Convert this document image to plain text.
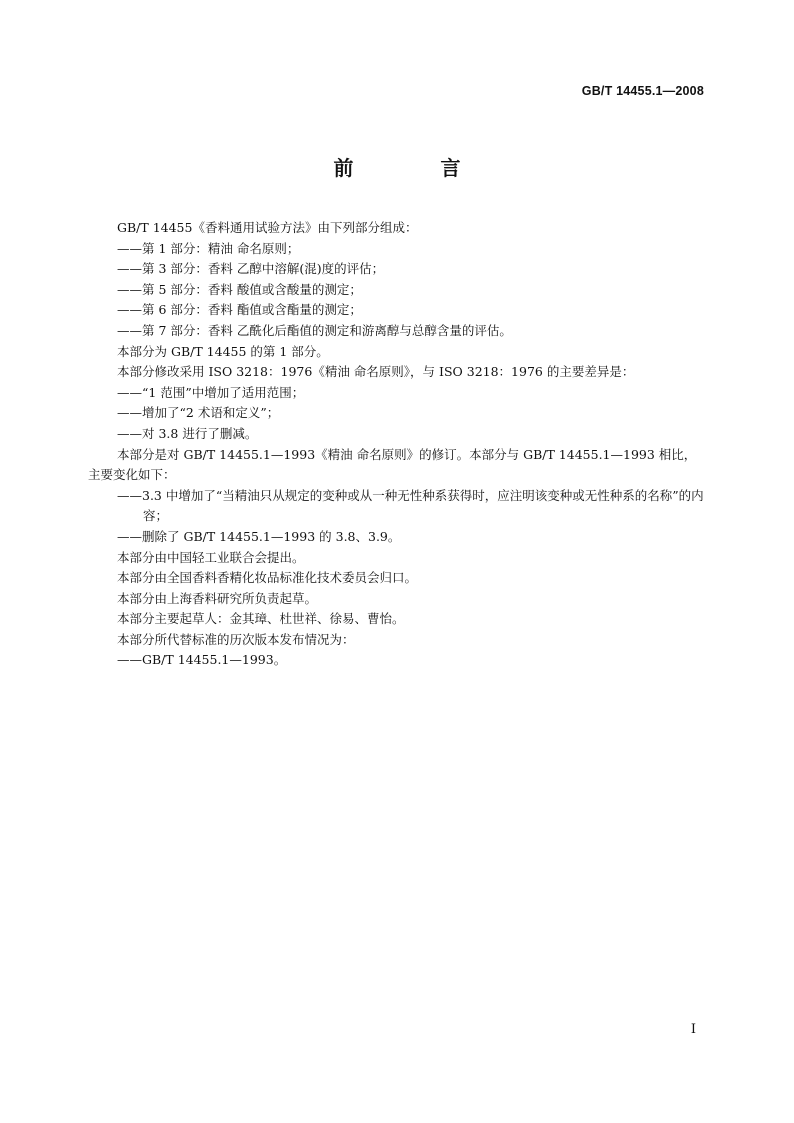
GB/T 14455.1—2008
前 言

GB/T 14455《香料通用试验方法》由下列部分组成：

——第 1 部分：精油 命名原则；

——第 3 部分：香料 乙醇中溶解(混)度的评估；

——第 5 部分：香料 酸值或含酸量的测定；

——第 6 部分：香料 酯值或含酯量的测定；

——第 7 部分：香料 乙酰化后酯值的测定和游离醇与总醇含量的评估。

本部分为 GB/T 14455 的第 1 部分。

本部分修改采用 ISO 3218：1976《精油 命名原则》，与 ISO 3218：1976 的主要差异是：

——“1 范围”中增加了适用范围；

——增加了“2 术语和定义”；

——对 3.8 进行了删减。

本部分是对 GB/T 14455.1—1993《精油 命名原则》的修订。本部分与 GB/T 14455.1—1993 相比，主要变化如下：

——3.3 中增加了“当精油只从规定的变种或从一种无性种系获得时，应注明该变种或无性种系的名称”的内容；

——删除了 GB/T 14455.1—1993 的 3.8、3.9。

本部分由中国轻工业联合会提出。

本部分由全国香料香精化妆品标准化技术委员会归口。

本部分由上海香料研究所负责起草。

本部分主要起草人：金其璋、杜世祥、徐易、曹怡。

本部分所代替标准的历次版本发布情况为：

——GB/T 14455.1—1993。

I
